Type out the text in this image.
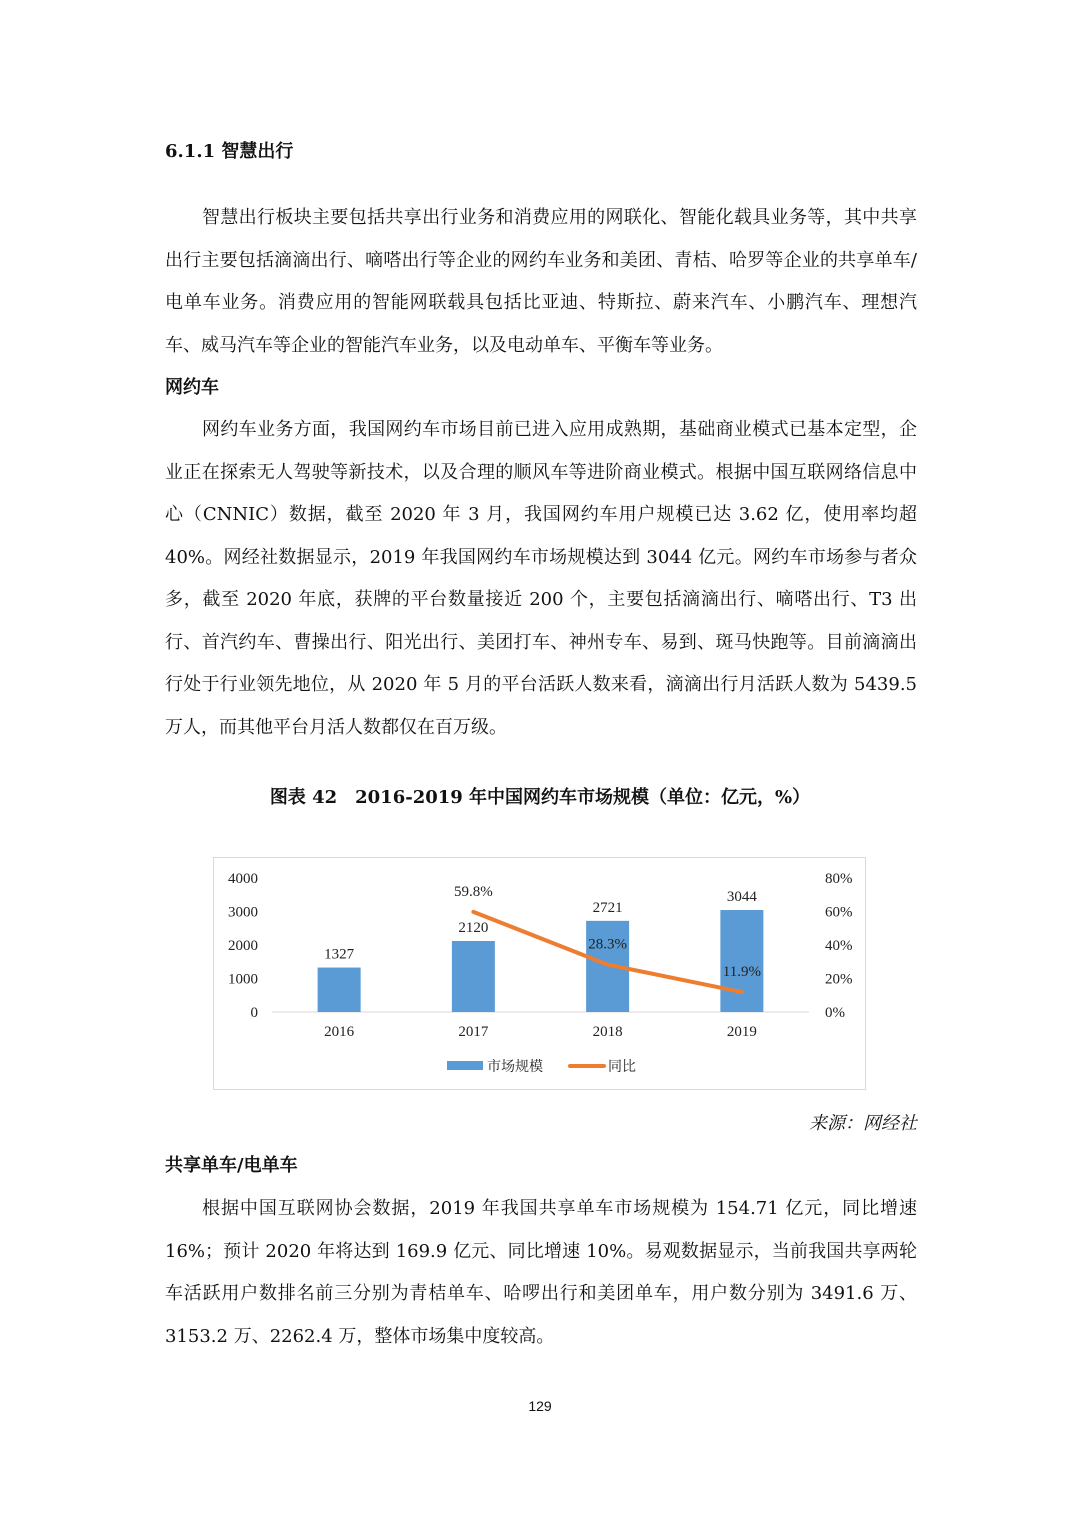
6.1.1 智慧出行

智慧出行板块主要包括共享出行业务和消费应用的网联化、智能化载具业务等，其中共享出行主要包括滴滴出行、嘀嗒出行等企业的网约车业务和美团、青桔、哈罗等企业的共享单车/电单车业务。消费应用的智能网联载具包括比亚迪、特斯拉、蔚来汽车、小鹏汽车、理想汽车、威马汽车等企业的智能汽车业务，以及电动单车、平衡车等业务。

网约车

网约车业务方面，我国网约车市场目前已进入应用成熟期，基础商业模式已基本定型，企业正在探索无人驾驶等新技术，以及合理的顺风车等进阶商业模式。根据中国互联网络信息中心（CNNIC）数据，截至 2020 年 3 月，我国网约车用户规模已达 3.62 亿，使用率均超 40%。网经社数据显示，2019 年我国网约车市场规模达到 3044 亿元。网约车市场参与者众多，截至 2020 年底，获牌的平台数量接近 200 个，主要包括滴滴出行、嘀嗒出行、T3 出行、首汽约车、曹操出行、阳光出行、美团打车、神州专车、易到、斑马快跑等。目前滴滴出行处于行业领先地位，从 2020 年 5 月的平台活跃人数来看，滴滴出行月活跃人数为 5439.5 万人，而其他平台月活人数都仅在百万级。

图表 42　2016-2019 年中国网约车市场规模（单位：亿元，%）
0
1000
2000
3000
4000
0%
20%
40%
60%
80%
1327
2120
2721
3044
2016	2017	2018	2019
59.8%
28.3%
11.9%
市场规模	同比
来源：网经社
共享单车/电单车

根据中国互联网协会数据，2019 年我国共享单车市场规模为 154.71 亿元，同比增速 16%；预计 2020 年将达到 169.9 亿元、同比增速 10%。易观数据显示，当前我国共享两轮车活跃用户数排名前三分别为青桔单车、哈啰出行和美团单车，用户数分别为 3491.6 万、3153.2 万、2262.4 万，整体市场集中度较高。

129
